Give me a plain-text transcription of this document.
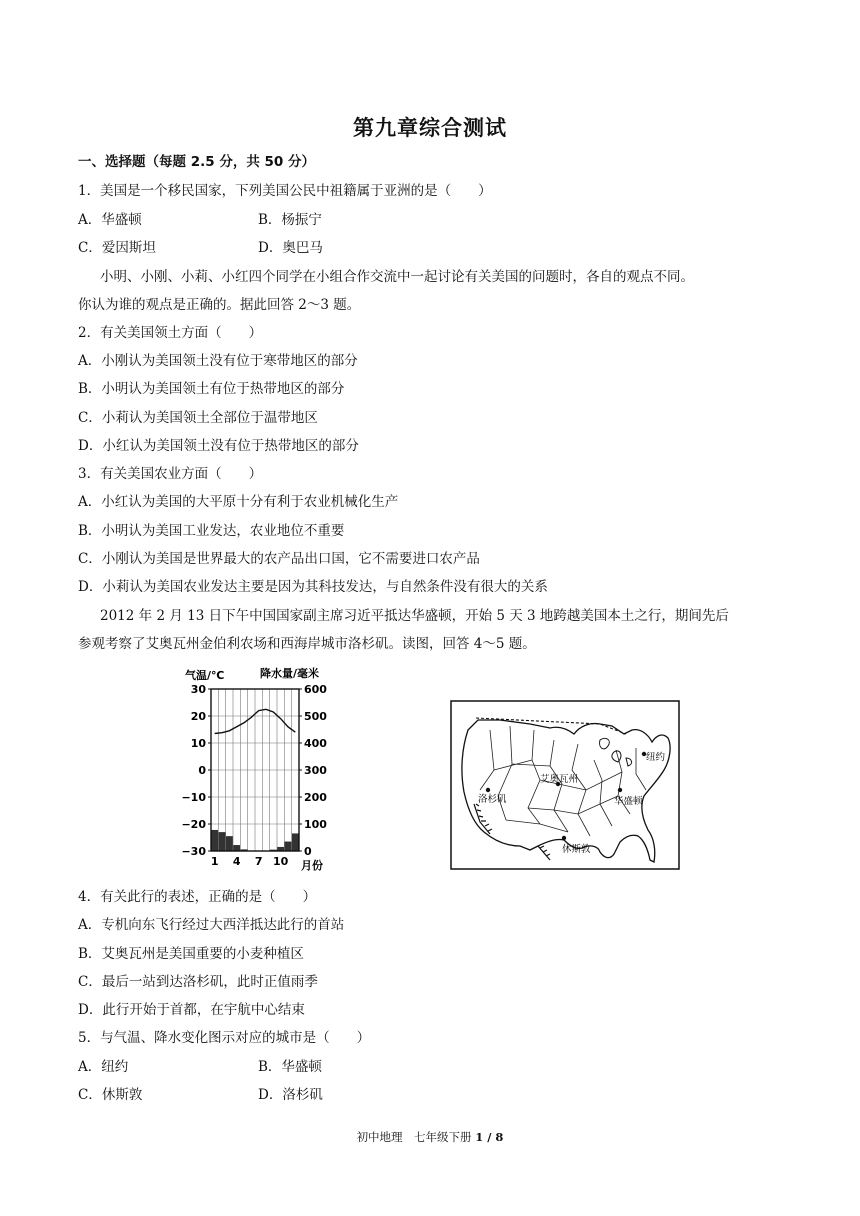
第九章综合测试
一、选择题（每题 2.5 分，共 50 分）
1．美国是一个移民国家，下列美国公民中祖籍属于亚洲的是（　　）
A．华盛顿	B．杨振宁
C．爱因斯坦	D．奥巴马
小明、小刚、小莉、小红四个同学在小组合作交流中一起讨论有关美国的问题时，各自的观点不同。
你认为谁的观点是正确的。据此回答 2～3 题。
2．有关美国领土方面（　　）
A．小刚认为美国领土没有位于寒带地区的部分
B．小明认为美国领土有位于热带地区的部分
C．小莉认为美国领土全部位于温带地区
D．小红认为美国领土没有位于热带地区的部分
3．有关美国农业方面（　　）
A．小红认为美国的大平原十分有利于农业机械化生产
B．小明认为美国工业发达，农业地位不重要
C．小刚认为美国是世界最大的农产品出口国，它不需要进口农产品
D．小莉认为美国农业发达主要是因为其科技发达，与自然条件没有很大的关系
2012 年 2 月 13 日下午中国国家副主席习近平抵达华盛顿，开始 5 天 3 地跨越美国本土之行，期间先后
参观考察了艾奥瓦州金伯利农场和西海岸城市洛杉矶。读图，回答 4～5 题。
气温/℃	降水量/毫米
30	600
20	500
10	400
0	300
−10	200
−20	100
−30	0
1 4 7 10 月份
纽约
艾奥瓦州
洛杉矶	华盛顿
休斯敦
4．有关此行的表述，正确的是（　　）
A．专机向东飞行经过大西洋抵达此行的首站
B．艾奥瓦州是美国重要的小麦种植区
C．最后一站到达洛杉矶，此时正值雨季
D．此行开始于首都，在宇航中心结束
5．与气温、降水变化图示对应的城市是（　　）
A．纽约	B．华盛顿
C．休斯敦	D．洛杉矶
初中地理　七年级下册 1 / 8
